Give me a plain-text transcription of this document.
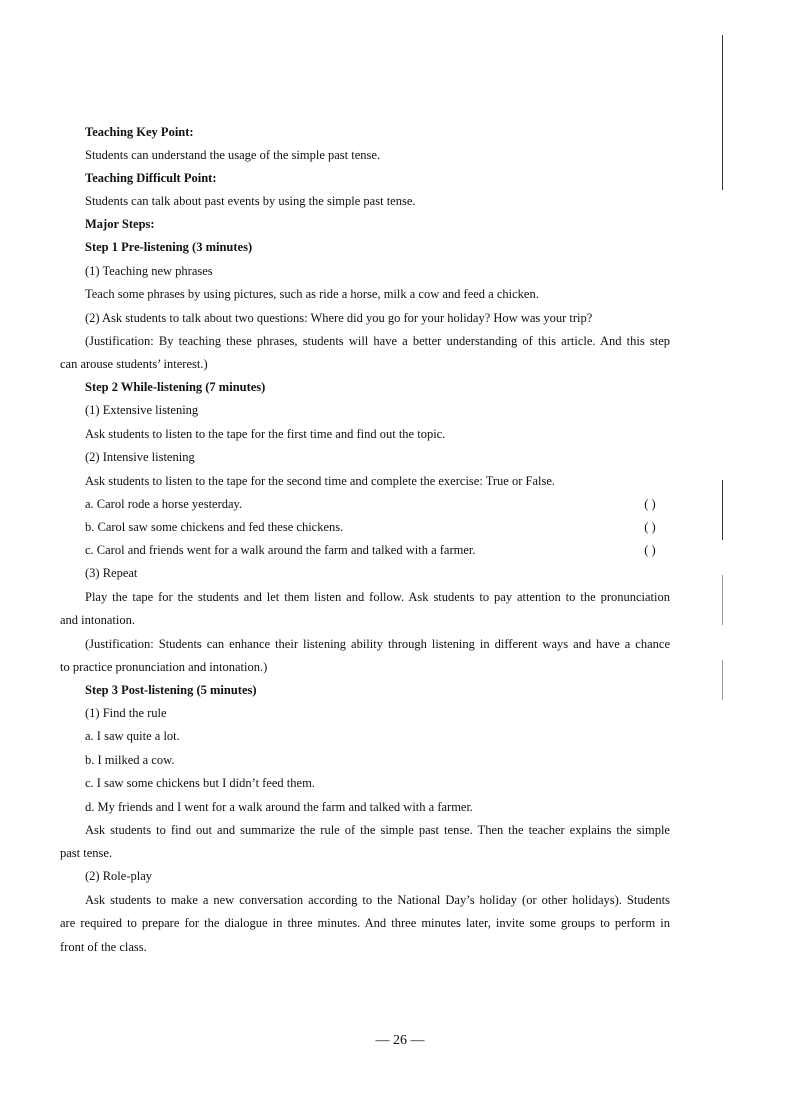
Teaching Key Point:
Students can understand the usage of the simple past tense.
Teaching Difficult Point:
Students can talk about past events by using the simple past tense.
Major Steps:
Step 1 Pre-listening (3 minutes)
(1) Teaching new phrases
Teach some phrases by using pictures, such as ride a horse, milk a cow and feed a chicken.
(2) Ask students to talk about two questions: Where did you go for your holiday? How was your trip?
(Justification: By teaching these phrases, students will have a better understanding of this article. And this step
can arouse students’ interest.)
Step 2 While-listening (7 minutes)
(1) Extensive listening
Ask students to listen to the tape for the first time and find out the topic.
(2) Intensive listening
Ask students to listen to the tape for the second time and complete the exercise: True or False.
a. Carol rode a horse yesterday.	( )
b. Carol saw some chickens and fed these chickens.	( )
c. Carol and friends went for a walk around the farm and talked with a farmer.	( )
(3) Repeat
Play the tape for the students and let them listen and follow. Ask students to pay attention to the pronunciation
and intonation.
(Justification: Students can enhance their listening ability through listening in different ways and have a chance
to practice pronunciation and intonation.)
Step 3 Post-listening (5 minutes)
(1) Find the rule
a. I saw quite a lot.
b. I milked a cow.
c. I saw some chickens but I didn’t feed them.
d. My friends and I went for a walk around the farm and talked with a farmer.
Ask students to find out and summarize the rule of the simple past tense. Then the teacher explains the simple
past tense.
(2) Role-play
Ask students to make a new conversation according to the National Day’s holiday (or other holidays). Students
are required to prepare for the dialogue in three minutes. And three minutes later, invite some groups to perform in
front of the class.
— 26 —
